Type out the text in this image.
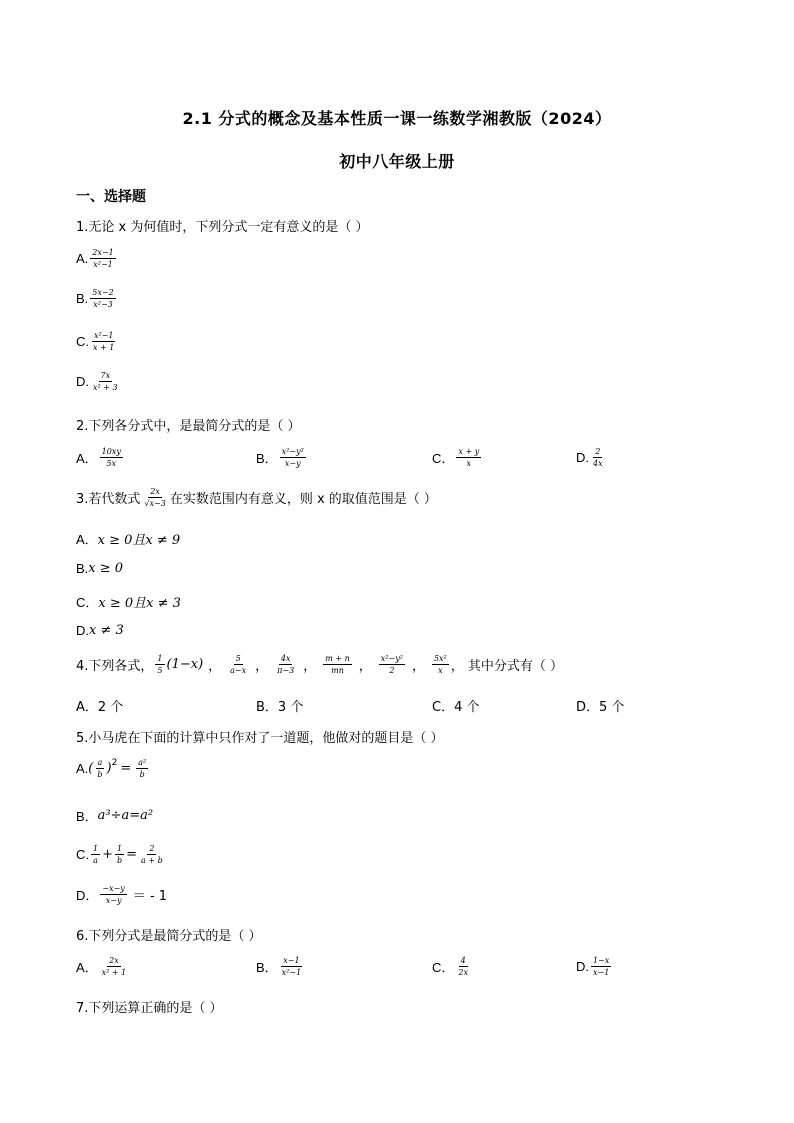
2.1 分式的概念及基本性质一课一练数学湘教版（2024）
初中八年级上册
一、选择题
1.无论 x 为何值时，下列分式一定有意义的是（ ）
A. $\frac{2x-1}{\text{x²−1}}$
B. $\frac{5x-2}{\text{x²−3}}$
C. $\frac{\text{x²−1}}{x + 1}$
D. $\frac{7x}{\text{x² + 3}}$
2.下列各分式中，是最简分式的是（ ）
A． $\frac{10xy}{5x}$	B． $\frac{\text{x²−y²}}{x-y}$	C． $\frac{x + y}{x}$	D. $\frac{2}{4x}$
3.若代数式 $\frac{2x}{√x-3}$ 在实数范围内有意义，则 x 的取值范围是（ ）
A． x ≥ 0且x ≠ 9
B. x ≥ 0
C． x ≥ 0且x ≠ 3
D. x ≠ 3
4.下列各式， $\frac{1}{5} (1-x)$ ， $\frac{5}{a-x}$ ， $\frac{4x}{\pi-3}$ ， $\frac{m + n}{mn}$ ， $\frac{\text{x²−y²}}{2}$ ， $\frac{\text{5x²}}{x}$ ， 其中分式有（ ）
A．2 个	B．3 个	C．4 个	D．5 个
5.小马虎在下面的计算中只作对了一道题，他做对的题目是（ ）
A. ( $\frac{a}{b} )^2 = \frac{\text{a²}}{b}$
B． a³÷a=a²
C. $\frac{1}{a} + \frac{1}{b} = \frac{2}{a + b}$
D． $\frac{-x-y}{x-y}$ ＝ - 1
6.下列分式是最简分式的是（ ）
A． $\frac{2x}{\text{x² + 1}}$	B． $\frac{x-1}{\text{x²−1}}$	C． $\frac{4}{2x}$	D. $\frac{1-x}{x-1}$
7.下列运算正确的是（ ）
